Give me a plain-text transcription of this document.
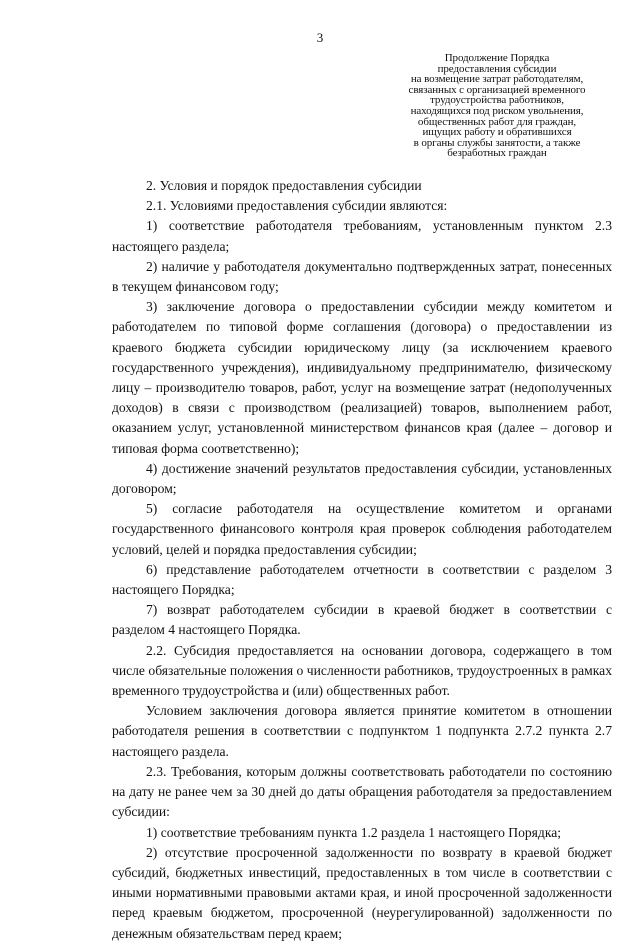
3
Продолжение Порядка
предоставления субсидии
на возмещение затрат работодателям,
связанных с организацией временного
трудоустройства работников,
находящихся под риском увольнения,
общественных работ для граждан,
ищущих работу и обратившихся
в органы службы занятости, а также
безработных граждан

2. Условия и порядок предоставления субсидии

2.1. Условиями предоставления субсидии являются:

1) соответствие работодателя требованиям, установленным пунктом 2.3 настоящего раздела;

2) наличие у работодателя документально подтвержденных затрат, понесенных в текущем финансовом году;

3) заключение договора о предоставлении субсидии между комитетом и работодателем по типовой форме соглашения (договора) о предоставлении из краевого бюджета субсидии юридическому лицу (за исключением краевого государственного учреждения), индивидуальному предпринимателю, физическому лицу – производителю товаров, работ, услуг на возмещение затрат (недополученных доходов) в связи с производством (реализацией) товаров, выполнением работ, оказанием услуг, установленной министерством финансов края (далее – договор и типовая форма соответственно);

4) достижение значений результатов предоставления субсидии, установленных договором;

5) согласие работодателя на осуществление комитетом и органами государственного финансового контроля края проверок соблюдения работодателем условий, целей и порядка предоставления субсидии;

6) представление работодателем отчетности в соответствии с разделом 3 настоящего Порядка;

7) возврат работодателем субсидии в краевой бюджет в соответствии с разделом 4 настоящего Порядка.

2.2. Субсидия предоставляется на основании договора, содержащего в том числе обязательные положения о численности работников, трудоустроенных в рамках временного трудоустройства и (или) общественных работ.

Условием заключения договора является принятие комитетом в отношении работодателя решения в соответствии с подпунктом 1 подпункта 2.7.2 пункта 2.7 настоящего раздела.

2.3. Требования, которым должны соответствовать работодатели по состоянию на дату не ранее чем за 30 дней до даты обращения работодателя за предоставлением субсидии:

1) соответствие требованиям пункта 1.2 раздела 1 настоящего Порядка;

2) отсутствие просроченной задолженности по возврату в краевой бюджет субсидий, бюджетных инвестиций, предоставленных в том числе в соответствии с иными нормативными правовыми актами края, и иной просроченной задолженности перед краевым бюджетом, просроченной (неурегулированной) задолженности по денежным обязательствам перед краем;
